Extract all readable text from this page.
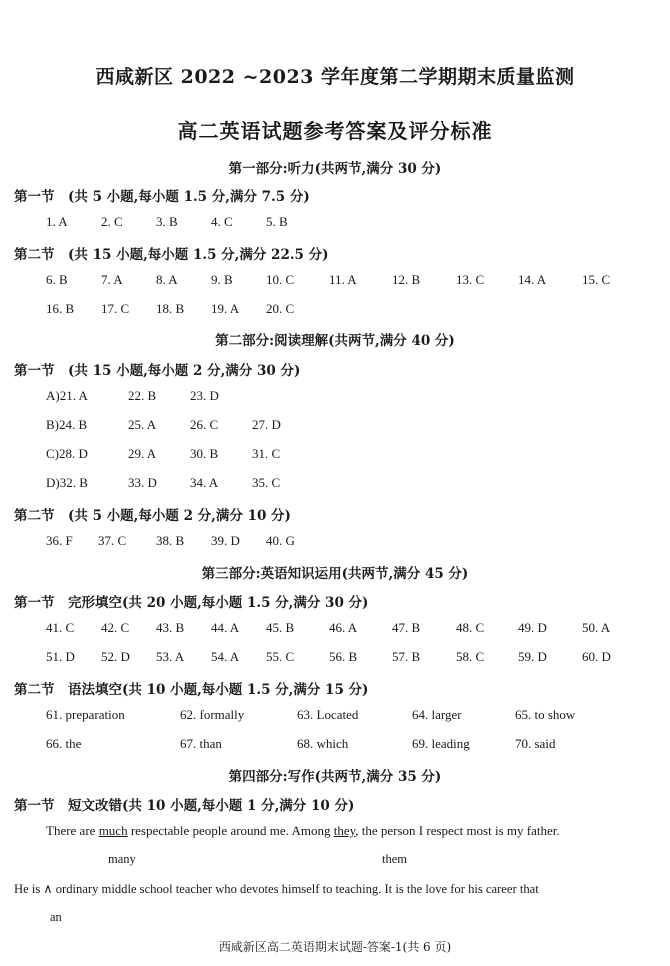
西咸新区 2022 ~2023 学年度第二学期期末质量监测
高二英语试题参考答案及评分标准
第一部分:听力(共两节,满分 30 分)
第一节　(共 5 小题,每小题 1.5 分,满分 7.5 分)
1. A	2. C	3. B	4. C	5. B
第二节　(共 15 小题,每小题 1.5 分,满分 22.5 分)
6. B	7. A	8. A	9. B	10. C	11. A	12. B	13. C	14. A	15. C
16. B 17. C 18. B 19. A 20. C
第二部分:阅读理解(共两节,满分 40 分)
第一节　(共 15 小题,每小题 2 分,满分 30 分)
A)21. A	22. B	23. D
B)24. B	25. A	26. C	27. D
C)28. D	29. A	30. B	31. C
D)32. B	33. D	34. A	35. C
第二节　(共 5 小题,每小题 2 分,满分 10 分)
36. F 37. C 38. B 39. D 40. G
第三部分:英语知识运用(共两节,满分 45 分)
第一节　完形填空(共 20 小题,每小题 1.5 分,满分 30 分)
41. C 42. C 43. B 44. A 45. B	46. A	47. B	48. C	49. D	50. A
51. D 52. D 53. A 54. A 55. C	56. B	57. B	58. C	59. D	60. D
第二节　语法填空(共 10 小题,每小题 1.5 分,满分 15 分)
61. preparation	62. formally	63. Located	64. larger	65. to show
66. the	67. than	68. which	69. leading	70. said
第四部分:写作(共两节,满分 35 分)
第一节　短文改错(共 10 小题,每小题 1 分,满分 10 分)
There are much respectable people around me. Among they, the person I respect most is my father.
many	them
He is ∧ ordinary middle school teacher who devotes himself to teaching. It is the love for his career that
an
西咸新区高二英语期末试题-答案-1(共 6 页)
